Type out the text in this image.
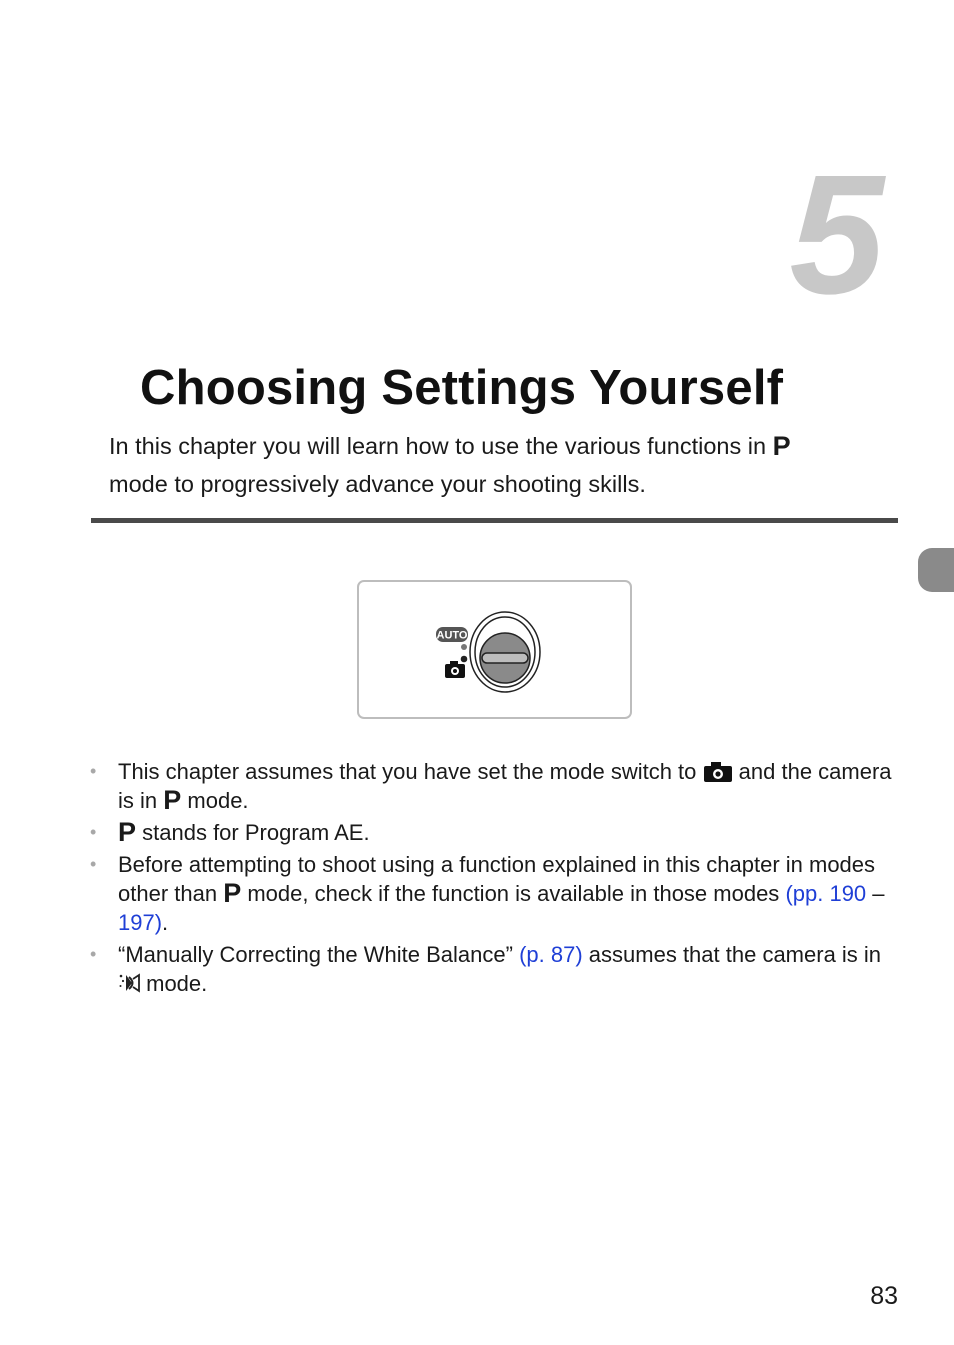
5
Choosing Settings Yourself
In this chapter you will learn how to use the various functions in P
mode to progressively advance your shooting skills.
AUTO
• This chapter assumes that you have set the mode switch to and the camera is in P mode.
• P stands for Program AE.
• Before attempting to shoot using a function explained in this chapter in modes other than P mode, check if the function is available in those modes (pp. 190 – 197).
• “Manually Correcting the White Balance” (p. 87) assumes that the camera is in  mode.
83
